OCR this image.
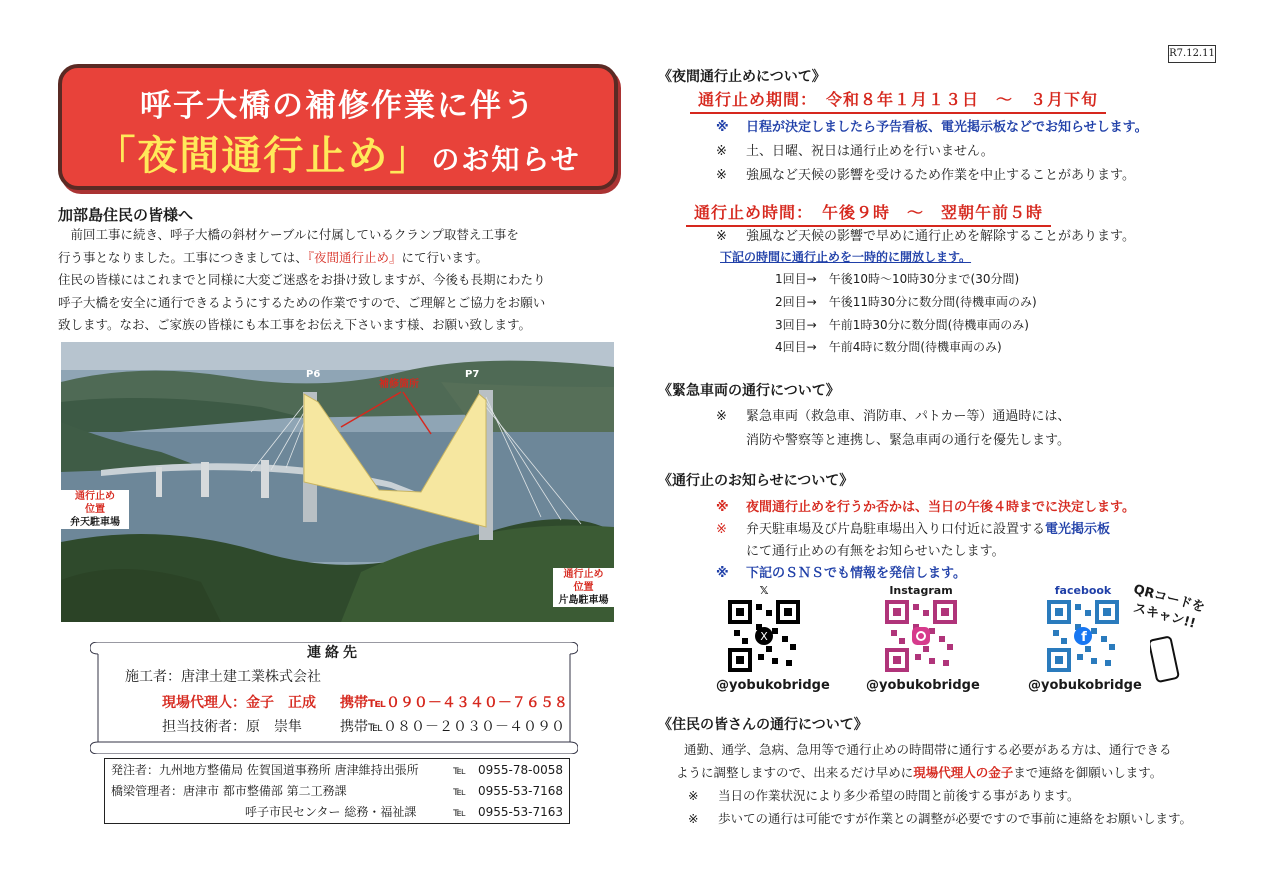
R7.12.11
呼子大橋の補修作業に伴う
「夜間通行止め」のお知らせ
加部島住民の皆様へ

　前回工事に続き、呼子大橋の斜材ケーブルに付属しているクランプ取替え工事を

行う事となりました。工事につきましては、『夜間通行止め』にて行います。

住民の皆様にはこれまでと同様に大変ご迷惑をお掛け致しますが、今後も長期にわたり

呼子大橋を安全に通行できるようにするための作業ですので、ご理解とご協力をお願い

致します。なお、ご家族の皆様にも本工事をお伝え下さいます様、お願い致します。

P6	P7
補修箇所
通行止め
位置
弁天駐車場
通行止め
位置
片島駐車場
連絡先
施工者：唐津土建工業株式会社
現場代理人：金子　正成 携帯℡０９０－４３４０－７６５８
担当技術者：原　崇隼	携帯℡０８０－２０３０－４０９０
発注者：九州地方整備局 佐賀国道事務所 唐津維持出張所	℡　0955-78-0058
橋梁管理者：唐津市 都市整備部 第二工務課	℡　0955-53-7168
呼子市民センター 総務・福祉課	℡　0955-53-7163
《夜間通行止めについて》
通行止め期間：　令和８年１月１３日　～　３月下旬
※ 日程が決定しましたら予告看板、電光掲示板などでお知らせします。
※ 土、日曜、祝日は通行止めを行いません。
※ 強風など天候の影響を受けるため作業を中止することがあります。
通行止め時間：　午後９時　～　翌朝午前５時
※ 強風など天候の影響で早めに通行止めを解除することがあります。
下記の時間に通行止めを一時的に開放します。
1回目→　 午後10時～10時30分まで(30分間)
2回目→　 午後11時30分に数分間(待機車両のみ)
3回目→　 午前1時30分に数分間(待機車両のみ)
4回目→　 午前4時に数分間(待機車両のみ)
《緊急車両の通行について》
※ 緊急車両（救急車、消防車、パトカー等）通過時には、
消防や警察等と連携し、緊急車両の通行を優先します。
《通行止のお知らせについて》
※ 夜間通行止めを行うか否かは、当日の午後４時までに決定します。
※ 弁天駐車場及び片島駐車場出入り口付近に設置する電光掲示板
にて通行止めの有無をお知らせいたします。
※ 下記のＳＮＳでも情報を発信します。
𝕏
X
@yobukobridge
Instagram
@yobukobridge
facebook
f
@yobukobridge
QRコードを
スキャン!!
《住民の皆さんの通行について》
通勤、通学、急病、急用等で通行止めの時間帯に通行する必要がある方は、通行できる
ように調整しますので、出来るだけ早めに現場代理人の金子まで連絡を御願いします。
※ 当日の作業状況により多少希望の時間と前後する事があります。
※ 歩いての通行は可能ですが作業との調整が必要ですので事前に連絡をお願いします。
